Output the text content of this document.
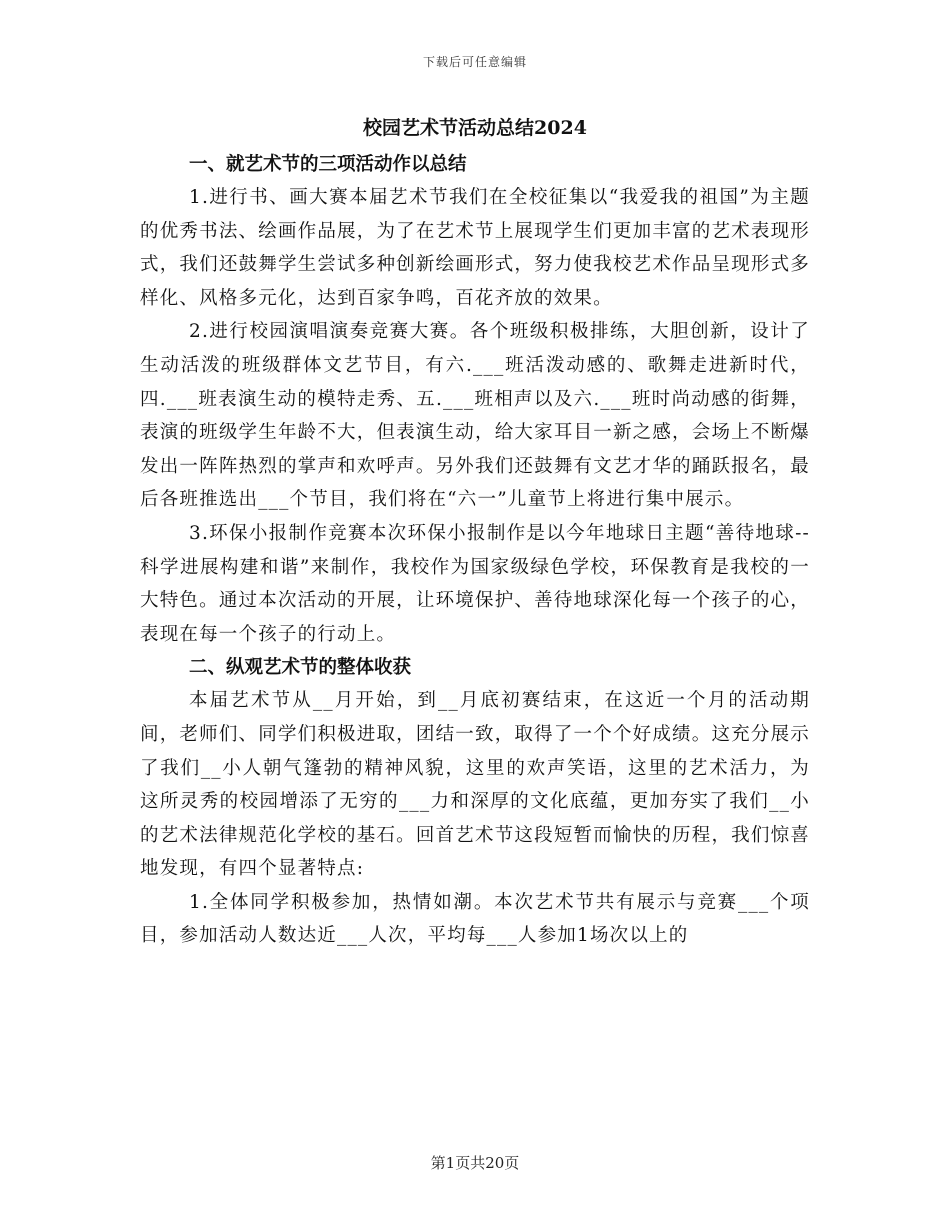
下载后可任意编辑
校园艺术节活动总结2024
一、就艺术节的三项活动作以总结

1.进行书、画大赛本届艺术节我们在全校征集以“我爱我的祖国”为主题的优秀书法、绘画作品展，为了在艺术节上展现学生们更加丰富的艺术表现形式，我们还鼓舞学生尝试多种创新绘画形式，努力使我校艺术作品呈现形式多样化、风格多元化，达到百家争鸣，百花齐放的效果。

2.进行校园演唱演奏竞赛大赛。各个班级积极排练，大胆创新，设计了生动活泼的班级群体文艺节目，有六.___班活泼动感的、歌舞走进新时代，四.___班表演生动的模特走秀、五.___班相声以及六.___班时尚动感的街舞，表演的班级学生年龄不大，但表演生动，给大家耳目一新之感，会场上不断爆发出一阵阵热烈的掌声和欢呼声。另外我们还鼓舞有文艺才华的踊跃报名，最后各班推选出___个节目，我们将在“六一”儿童节上将进行集中展示。

3.环保小报制作竞赛本次环保小报制作是以今年地球日主题“善待地球--科学进展构建和谐”来制作，我校作为国家级绿色学校，环保教育是我校的一大特色。通过本次活动的开展，让环境保护、善待地球深化每一个孩子的心，表现在每一个孩子的行动上。

二、纵观艺术节的整体收获

本届艺术节从__月开始，到__月底初赛结束，在这近一个月的活动期间，老师们、同学们积极进取，团结一致，取得了一个个好成绩。这充分展示了我们__小人朝气篷勃的精神风貌，这里的欢声笑语，这里的艺术活力，为这所灵秀的校园增添了无穷的___力和深厚的文化底蕴，更加夯实了我们__小的艺术法律规范化学校的基石。回首艺术节这段短暂而愉快的历程，我们惊喜地发现，有四个显著特点:

1.全体同学积极参加，热情如潮。本次艺术节共有展示与竞赛___个项目，参加活动人数达近___人次，平均每___人参加1场次以上的

第1页共20页
